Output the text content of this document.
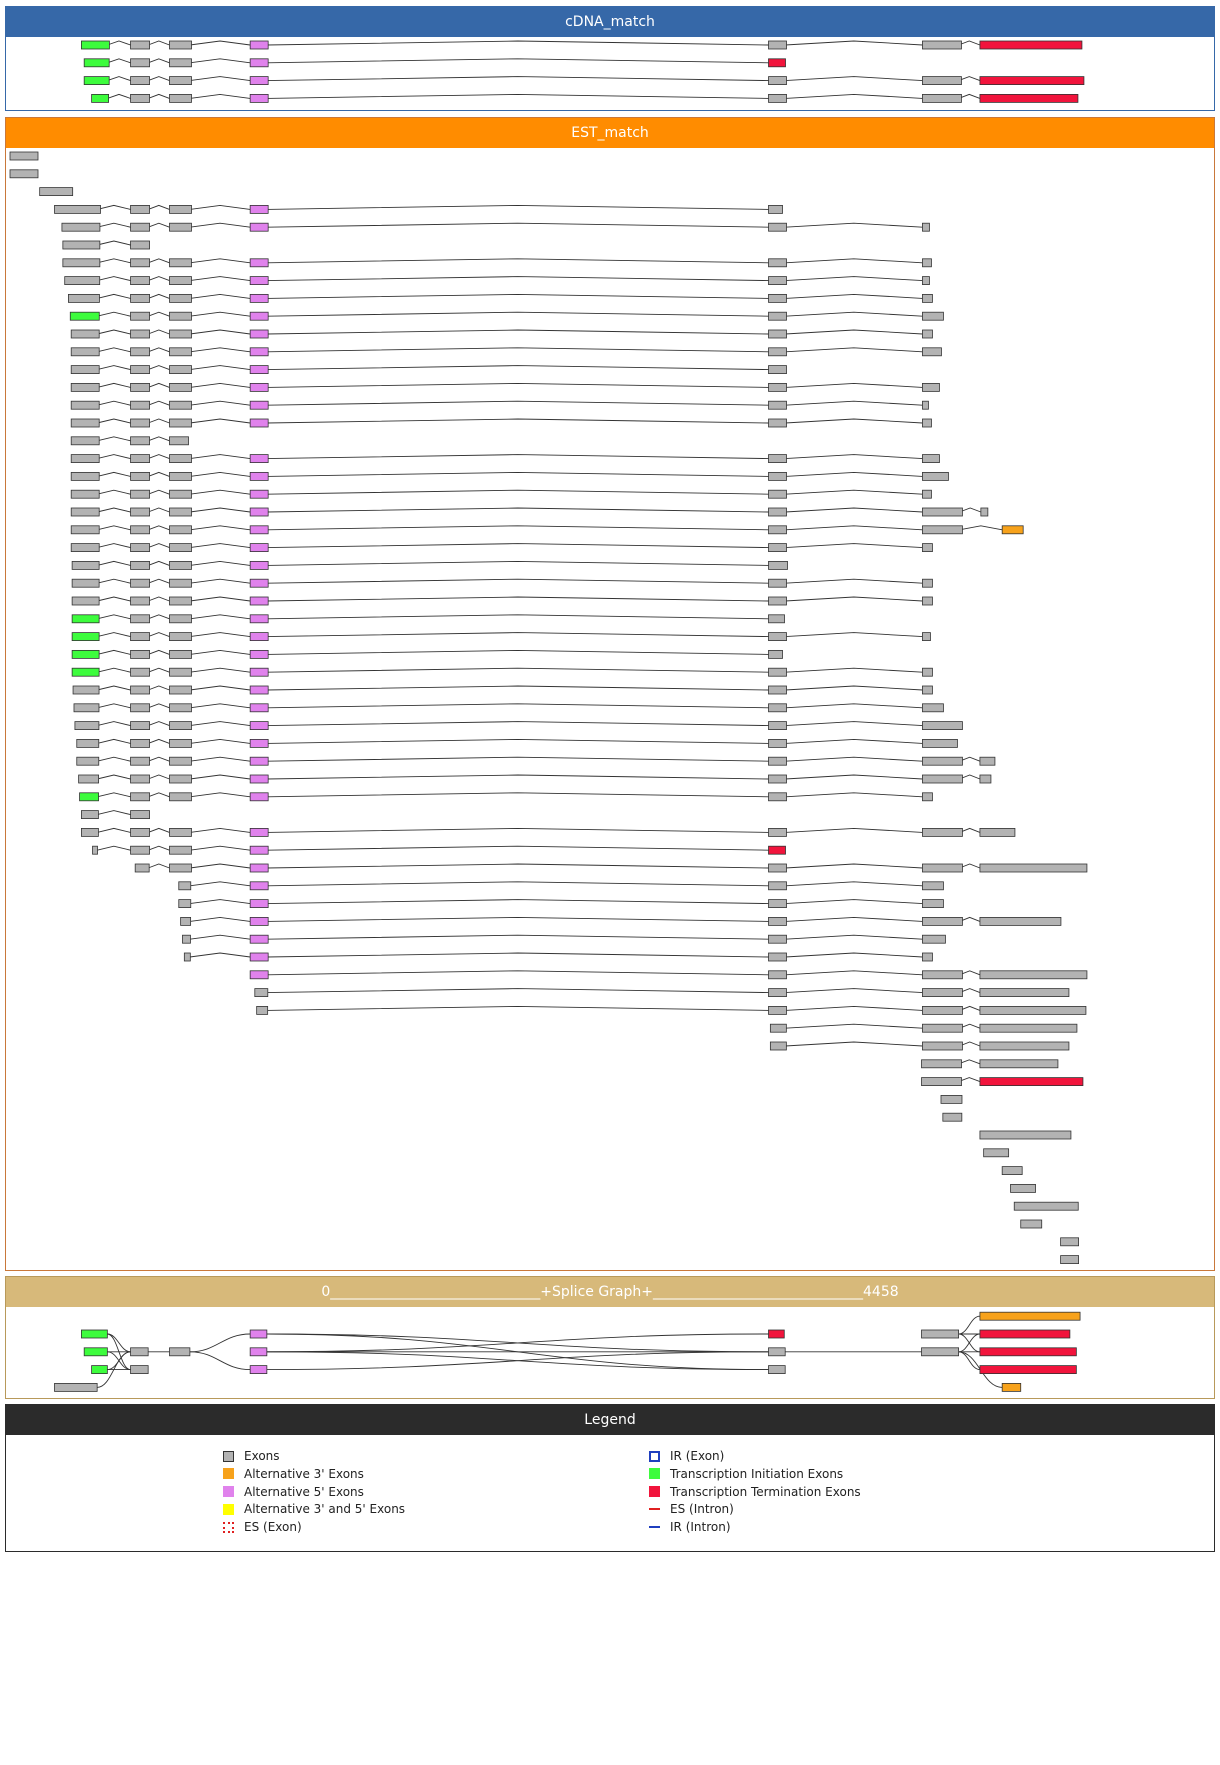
cDNA_match
EST_match
0 ______________________________ +Splice Graph+ ______________________________ 4458
Legend
Exons
Alternative 3' Exons
Alternative 5' Exons
Alternative 3' and 5' Exons
ES (Exon)
IR (Exon)
Transcription Initiation Exons
Transcription Termination Exons
ES (Intron)
IR (Intron)
